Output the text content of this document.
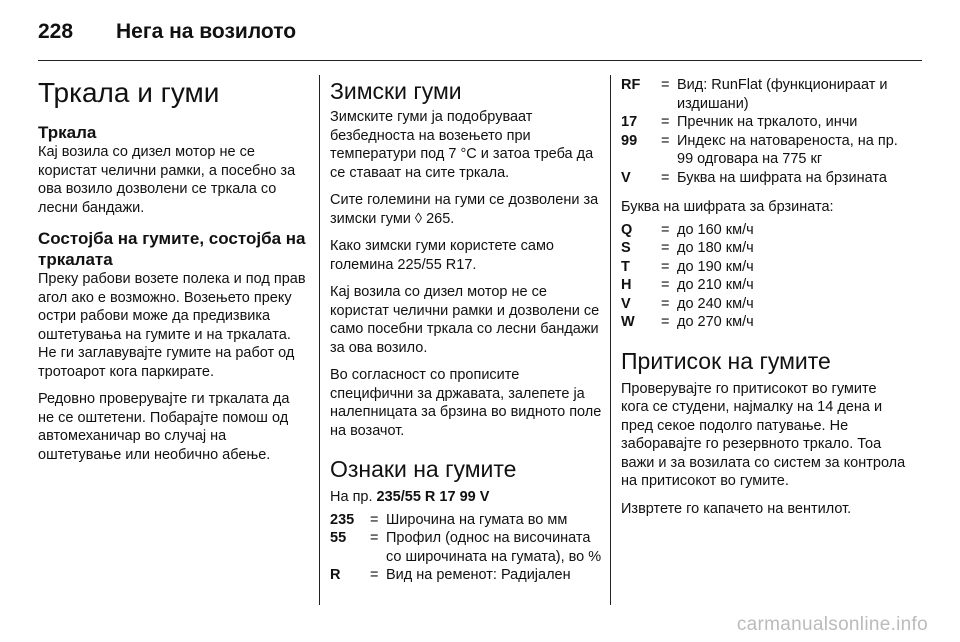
228 Нега на возилото
Тркала и гуми
Тркала

Кај возила со дизел мотор не се користат челични рамки, а посебно за ова возило дозволени се тркала со лесни бандажи.

Состојба на гумите, состојба на тркалата

Преку рабови возете полека и под прав агол ако е возможно. Возењето преку остри рабови може да предизвика оштетувања на гумите и на тркалата. Не ги заглавувајте гумите на работ од тротоарот кога паркирате.

Редовно проверувајте ги тркалата да не се оштетени. Побарајте помош од автомеханичар во случај на оштетување или необично абење.

Зимски гуми

Зимските гуми ја подобруваат безбедноста на возењето при температури под 7 °C и затоа треба да се ставаат на сите тркала.

Сите големини на гуми се дозволени за зимски гуми ◊ 265.

Како зимски гуми користете само големина 225/55 R17.

Кај возила со дизел мотор не се користат челични рамки и дозволени се само посебни тркала со лесни бандажи за ова возило.

Во согласност со прописите специфични за државата, залепете ја налепницата за брзина во видното поле на возачот.

Ознаки на гумите

На пр. 235/55 R 17 99 V

235	= Широчина на гумата во мм
55	= Профил (однос на височината со широчината на гумата), во %
R	= Вид на ременот: Радијален
RF	= Вид: RunFlat (функционираат и издишани)
17	= Пречник на тркалото, инчи
99	= Индекс на натовареноста, на пр. 99 одговара на 775 кг
V	= Буква на шифрата на брзината

Буква на шифрата за брзината:

Q	= до 160 км/ч
S	= до 180 км/ч
T	= до 190 км/ч
H	= до 210 км/ч
V	= до 240 км/ч
W	= до 270 км/ч
Притисок на гумите

Проверувајте го притисокот во гумите кога се студени, најмалку на 14 дена и пред секое подолго патување. Не заборавајте го резервното тркало. Тоа важи и за возилата со систем за контрола на притисокот во гумите.

Извртете го капачето на вентилот.

carmanualsonline.info
